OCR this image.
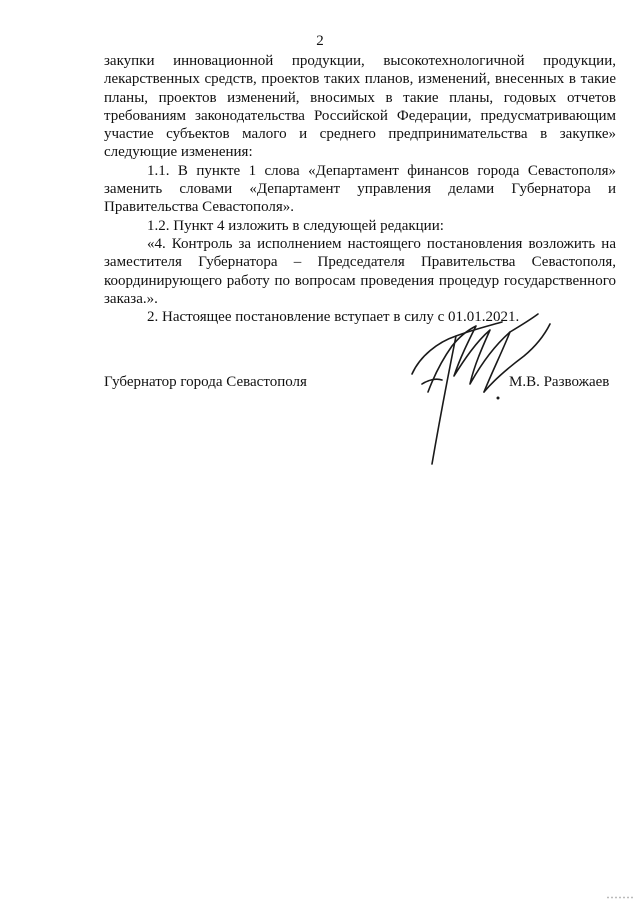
2

закупки инновационной продукции, высокотехнологичной продукции, лекарственных средств, проектов таких планов, изменений, внесенных в такие планы, проектов изменений, вносимых в такие планы, годовых отчетов требованиям законодательства Российской Федерации, предусматривающим участие субъектов малого и среднего предпринимательства в закупке» следующие изменения:

1.1. В пункте 1 слова «Департамент финансов города Севастополя» заменить словами «Департамент управления делами Губернатора и Правительства Севастополя».

1.2. Пункт 4 изложить в следующей редакции:

«4. Контроль за исполнением настоящего постановления возложить на заместителя Губернатора – Председателя Правительства Севастополя, координирующего работу по вопросам проведения процедур государственного заказа.».

2. Настоящее постановление вступает в силу с 01.01.2021.

Губернатор города Севастополя	М.В. Развожаев
